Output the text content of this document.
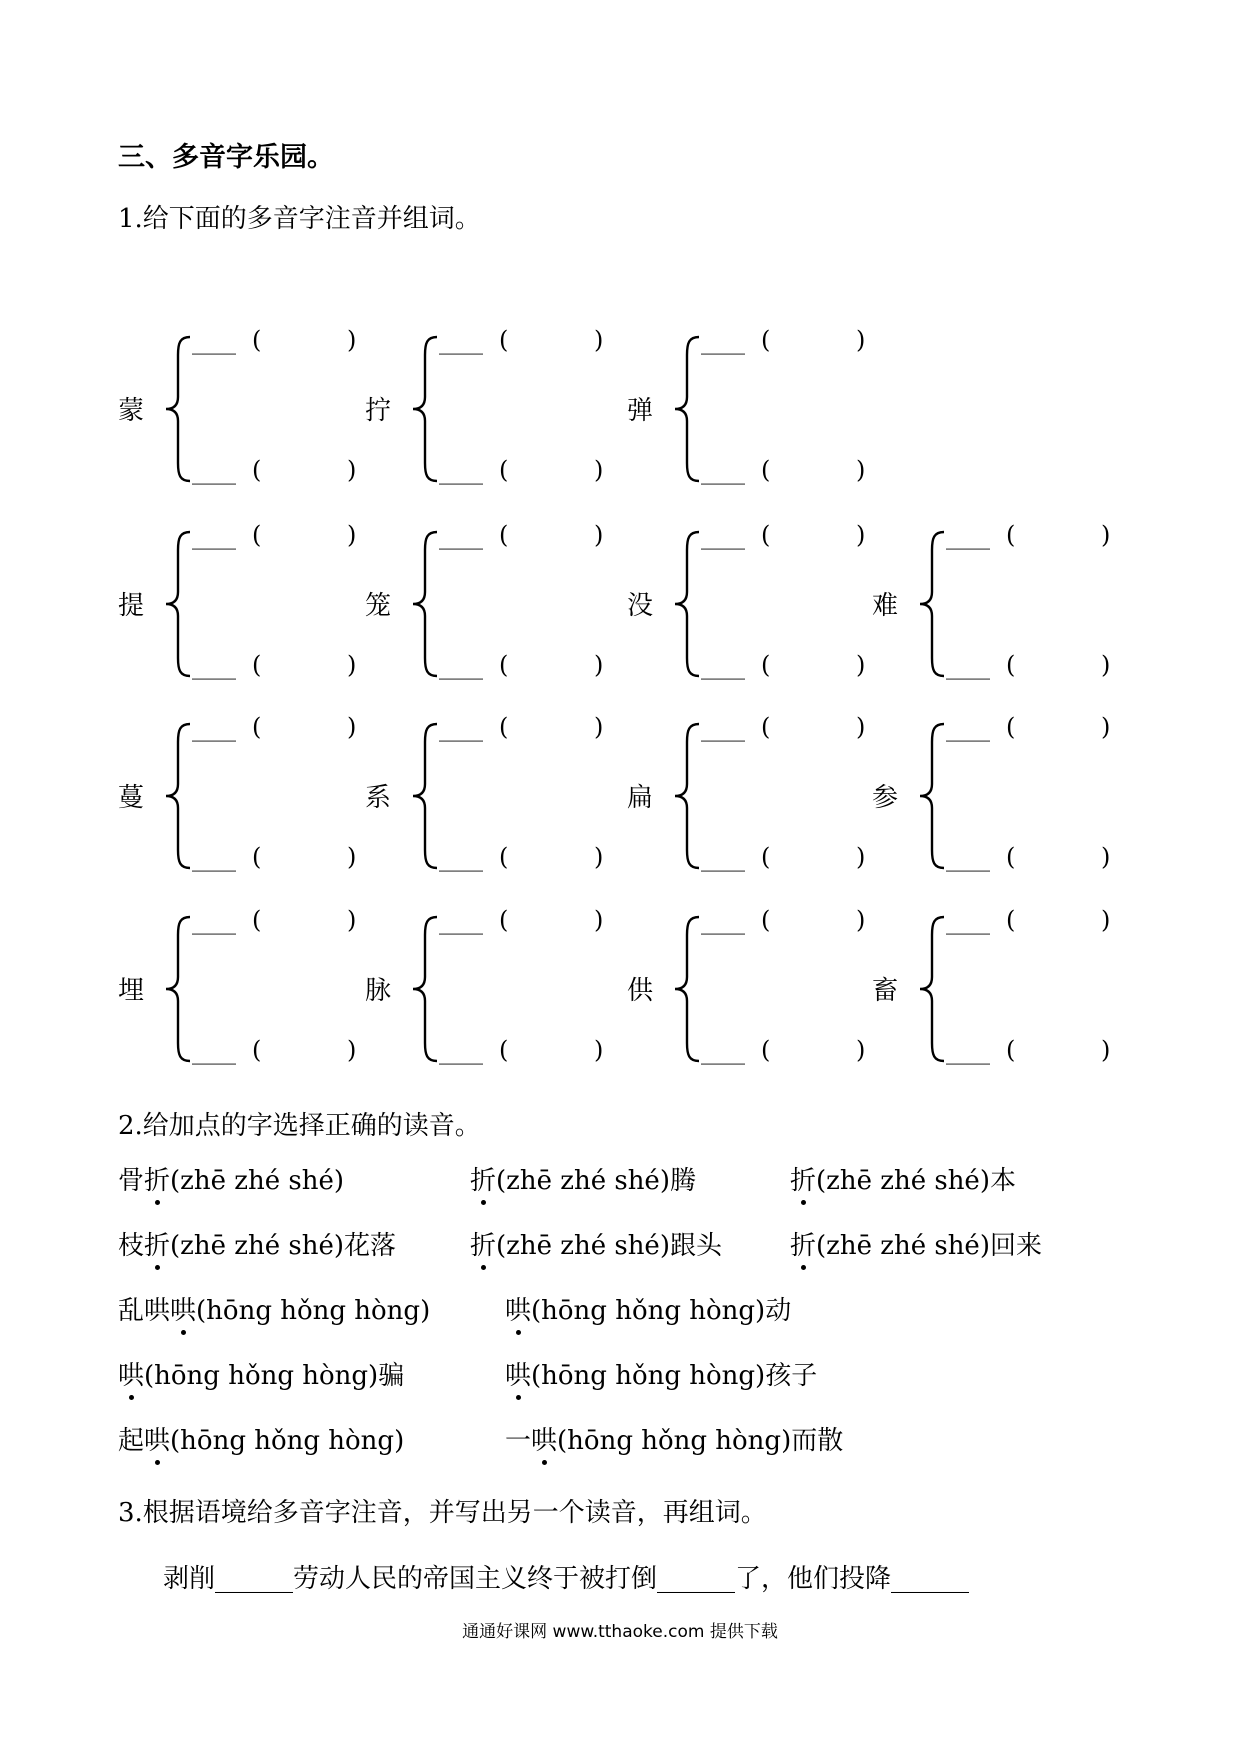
三、多音字乐园。
1.给下面的多音字注音并组词。
蒙
____ (	)
____ (	)
拧
____ (	)
____ (	)
弹
____ (	)
____ (	)
提
____ (	)
____ (	)
笼
____ (	)
____ (	)
没
____ (	)
____ (	)
难
____ (	)
____ (	)
蔓
____ (	)
____ (	)
系
____ (	)
____ (	)
扁
____ (	)
____ (	)
参
____ (	)
____ (	)
埋
____ (	)
____ (	)
脉
____ (	)
____ (	)
供
____ (	)
____ (	)
畜
____ (	)
____ (	)
2.给加点的字选择正确的读音。
骨折(zhē zhé shé)	折(zhē zhé shé)腾	折(zhē zhé shé)本
枝折(zhē zhé shé)花落	折(zhē zhé shé)跟头	折(zhē zhé shé)回来
乱哄哄(hōng hǒng hòng)	哄(hōng hǒng hòng)动
哄(hōng hǒng hòng)骗	哄(hōng hǒng hòng)孩子
起哄(hōng hǒng hòng)	一哄(hōng hǒng hòng)而散
3.根据语境给多音字注音，并写出另一个读音，再组词。
剥削______劳动人民的帝国主义终于被打倒______了，他们投降______
通通好课网 www.tthaoke.com 提供下载
